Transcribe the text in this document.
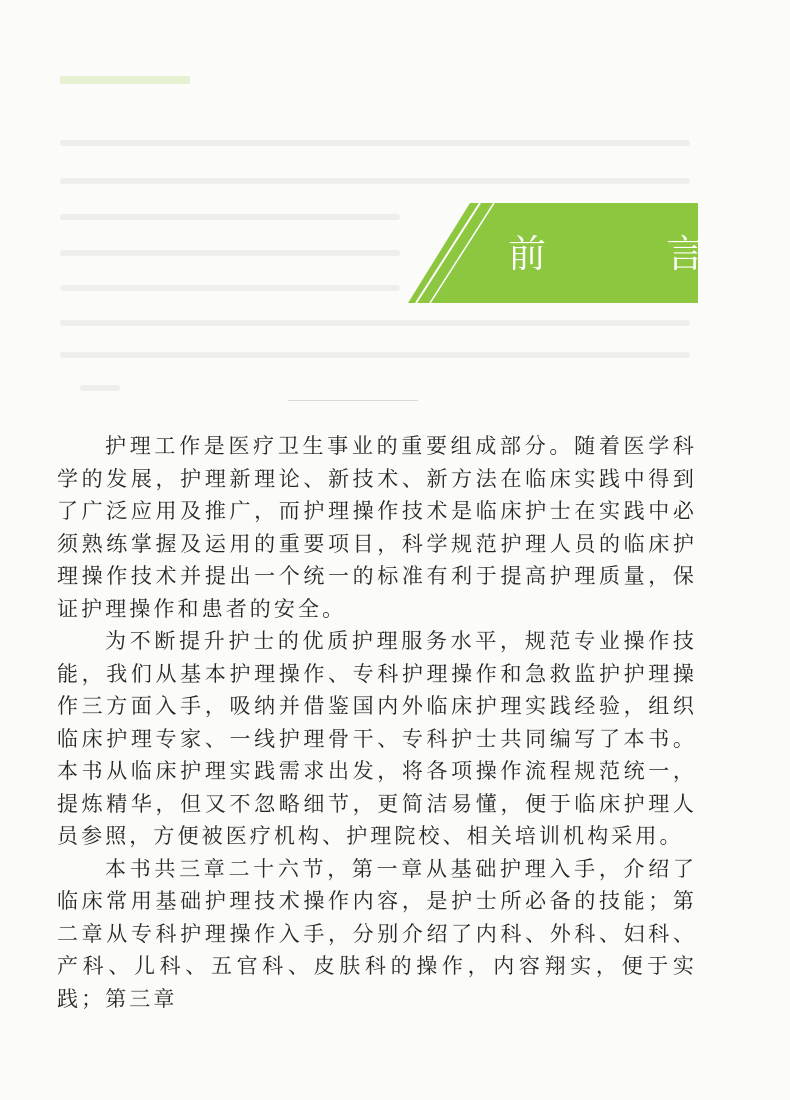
前 言

护理工作是医疗卫生事业的重要组成部分。随着医学科学的发展，护理新理论、新技术、新方法在临床实践中得到了广泛应用及推广，而护理操作技术是临床护士在实践中必须熟练掌握及运用的重要项目，科学规范护理人员的临床护理操作技术并提出一个统一的标准有利于提高护理质量，保证护理操作和患者的安全。

为不断提升护士的优质护理服务水平，规范专业操作技能，我们从基本护理操作、专科护理操作和急救监护护理操作三方面入手，吸纳并借鉴国内外临床护理实践经验，组织临床护理专家、一线护理骨干、专科护士共同编写了本书。本书从临床护理实践需求出发，将各项操作流程规范统一，提炼精华，但又不忽略细节，更简洁易懂，便于临床护理人员参照，方便被医疗机构、护理院校、相关培训机构采用。

本书共三章二十六节，第一章从基础护理入手，介绍了临床常用基础护理技术操作内容，是护士所必备的技能；第二章从专科护理操作入手，分别介绍了内科、外科、妇科、产科、儿科、五官科、皮肤科的操作，内容翔实，便于实践；第三章
